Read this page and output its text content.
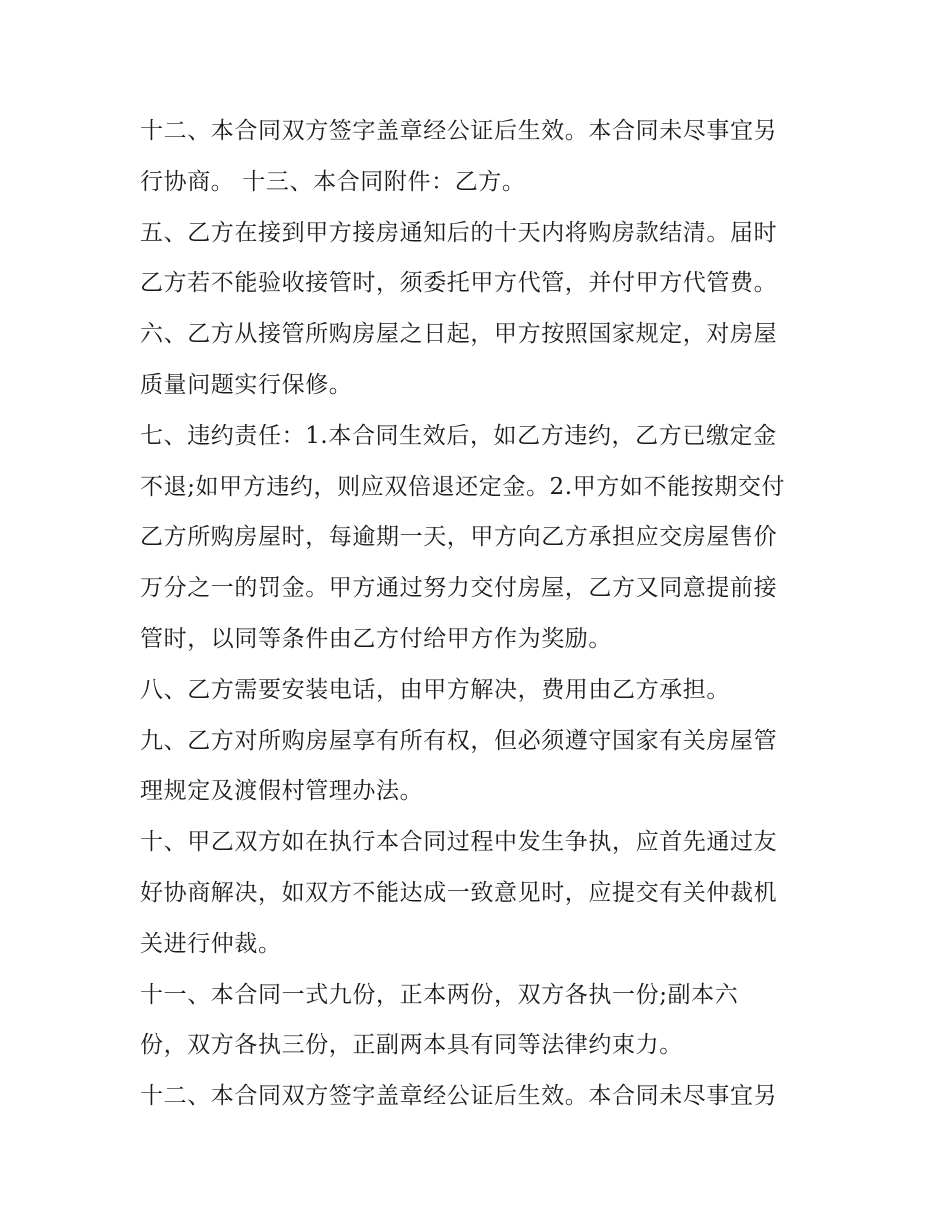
十二、本合同双方签字盖章经公证后生效。本合同未尽事宜另
行协商。 十三、本合同附件：乙方。
五、乙方在接到甲方接房通知后的十天内将购房款结清。届时
乙方若不能验收接管时，须委托甲方代管，并付甲方代管费。
六、乙方从接管所购房屋之日起，甲方按照国家规定，对房屋
质量问题实行保修。
七、违约责任：1.本合同生效后，如乙方违约，乙方已缴定金
不退;如甲方违约，则应双倍退还定金。2.甲方如不能按期交付
乙方所购房屋时，每逾期一天，甲方向乙方承担应交房屋售价
万分之一的罚金。甲方通过努力交付房屋，乙方又同意提前接
管时，以同等条件由乙方付给甲方作为奖励。
八、乙方需要安装电话，由甲方解决，费用由乙方承担。
九、乙方对所购房屋享有所有权，但必须遵守国家有关房屋管
理规定及渡假村管理办法。
十、甲乙双方如在执行本合同过程中发生争执，应首先通过友
好协商解决，如双方不能达成一致意见时，应提交有关仲裁机
关进行仲裁。
十一、本合同一式九份，正本两份，双方各执一份;副本六
份，双方各执三份，正副两本具有同等法律约束力。
十二、本合同双方签字盖章经公证后生效。本合同未尽事宜另
